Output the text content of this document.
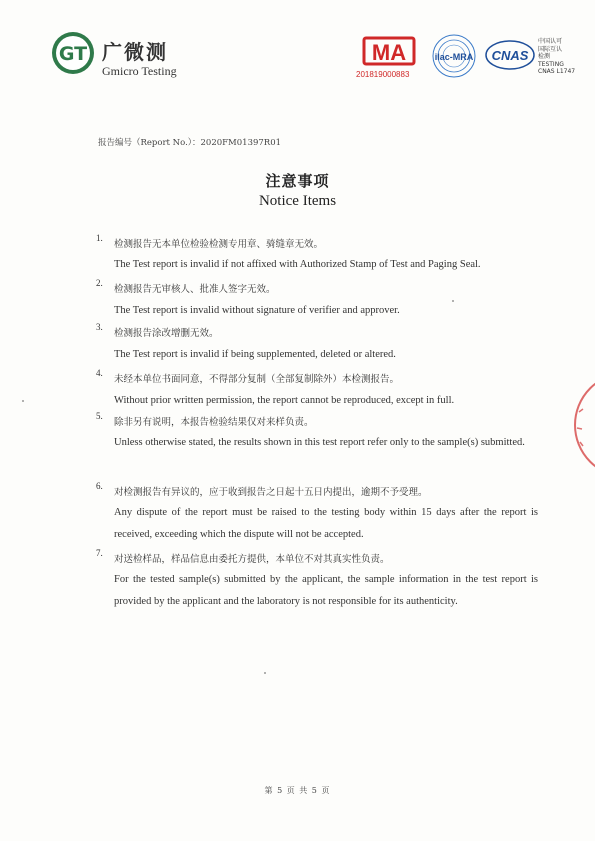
GT 广微测
Gmicro Testing
MA
201819000883
ilac-MRA CNAS
中国认可
国际互认
检测
TESTING
CNAS L1747
报告编号（Report No.）：2020FM01397R01
注意事项
Notice Items
1.
检测报告无本单位检验检测专用章、骑缝章无效。
The Test report is invalid if not affixed with Authorized Stamp of Test and Paging Seal.
2.
检测报告无审核人、批准人签字无效。
The Test report is invalid without signature of verifier and approver.
3.
检测报告涂改增删无效。
The Test report is invalid if being supplemented, deleted or altered.
4.
未经本单位书面同意，不得部分复制（全部复制除外）本检测报告。
Without prior written permission, the report cannot be reproduced, except in full.
5.
除非另有说明，本报告检验结果仅对来样负责。
Unless otherwise stated, the results shown in this test report refer only to the sample(s) submitted.
6.
对检测报告有异议的，应于收到报告之日起十五日内提出，逾期不予受理。
Any dispute of the report must be raised to the testing body within 15 days after the report is received, exceeding which the dispute will not be accepted.
7.
对送检样品，样品信息由委托方提供，本单位不对其真实性负责。
For the tested sample(s) submitted by the applicant, the sample information in the test report is provided by the applicant and the laboratory is not responsible for its authenticity.
第 5 页 共 5 页
